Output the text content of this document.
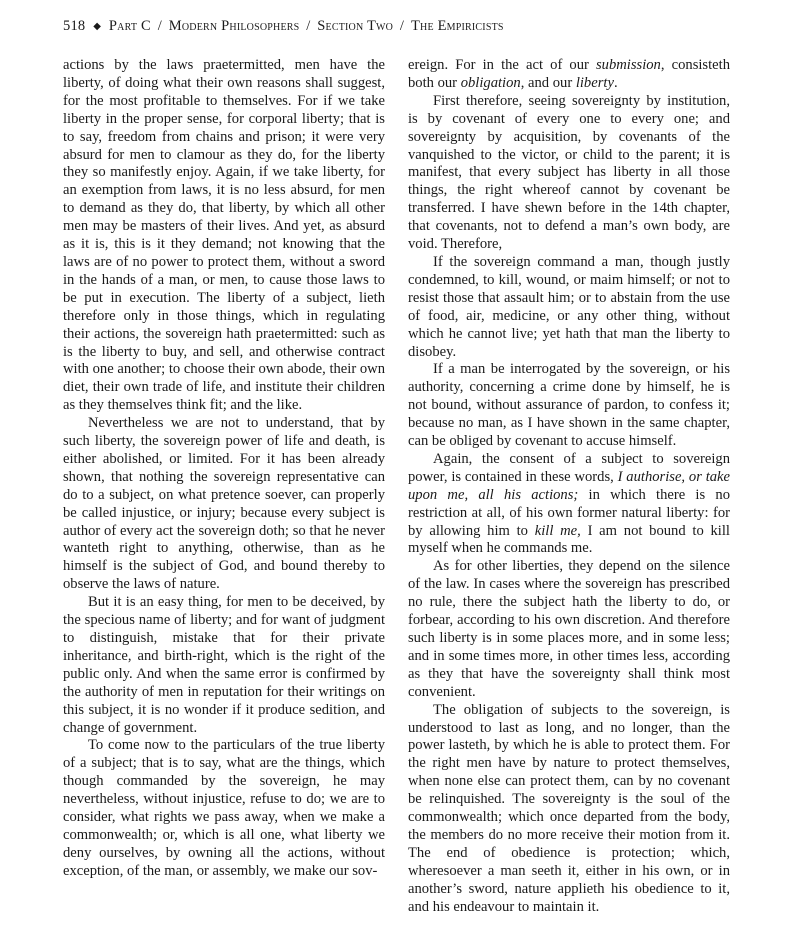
518 ◆ Part C / Modern Philosophers / Section Two / The Empiricists

actions by the laws praetermitted, men have the liberty, of doing what their own reasons shall suggest, for the most profitable to themselves. For if we take liberty in the proper sense, for corporal liberty; that is to say, freedom from chains and prison; it were very absurd for men to clamour as they do, for the liberty they so manifestly enjoy. Again, if we take liberty, for an exemption from laws, it is no less absurd, for men to demand as they do, that liberty, by which all other men may be masters of their lives. And yet, as absurd as it is, this is it they demand; not knowing that the laws are of no power to protect them, without a sword in the hands of a man, or men, to cause those laws to be put in execution. The liberty of a subject, lieth therefore only in those things, which in regulating their actions, the sovereign hath praetermitted: such as is the liberty to buy, and sell, and otherwise contract with one another; to choose their own abode, their own diet, their own trade of life, and institute their children as they themselves think fit; and the like.

Nevertheless we are not to understand, that by such liberty, the sovereign power of life and death, is either abolished, or limited. For it has been already shown, that nothing the sovereign representative can do to a subject, on what pretence soever, can properly be called injustice, or injury; because every subject is author of every act the sovereign doth; so that he never wanteth right to anything, otherwise, than as he himself is the subject of God, and bound thereby to observe the laws of nature.

But it is an easy thing, for men to be deceived, by the specious name of liberty; and for want of judgment to distinguish, mistake that for their private inheritance, and birth-right, which is the right of the public only. And when the same error is confirmed by the authority of men in reputation for their writings on this subject, it is no wonder if it produce sedition, and change of government.

To come now to the particulars of the true liberty of a subject; that is to say, what are the things, which though commanded by the sovereign, he may nevertheless, without injustice, refuse to do; we are to consider, what rights we pass away, when we make a commonwealth; or, which is all one, what liberty we deny ourselves, by owning all the actions, without exception, of the man, or assembly, we make our sov-

ereign. For in the act of our submission, consisteth both our obligation, and our liberty.

First therefore, seeing sovereignty by institution, is by covenant of every one to every one; and sovereignty by acquisition, by covenants of the vanquished to the victor, or child to the parent; it is manifest, that every subject has liberty in all those things, the right whereof cannot by covenant be transferred. I have shewn before in the 14th chapter, that covenants, not to defend a man’s own body, are void. Therefore,

If the sovereign command a man, though justly condemned, to kill, wound, or maim himself; or not to resist those that assault him; or to abstain from the use of food, air, medicine, or any other thing, without which he cannot live; yet hath that man the liberty to disobey.

If a man be interrogated by the sovereign, or his authority, concerning a crime done by himself, he is not bound, without assurance of pardon, to confess it; because no man, as I have shown in the same chapter, can be obliged by covenant to accuse himself.

Again, the consent of a subject to sovereign power, is contained in these words, I authorise, or take upon me, all his actions; in which there is no restriction at all, of his own former natural liberty: for by allowing him to kill me, I am not bound to kill myself when he commands me.

As for other liberties, they depend on the silence of the law. In cases where the sovereign has prescribed no rule, there the subject hath the liberty to do, or forbear, according to his own discretion. And therefore such liberty is in some places more, and in some less; and in some times more, in other times less, according as they that have the sovereignty shall think most convenient.

The obligation of subjects to the sovereign, is understood to last as long, and no longer, than the power lasteth, by which he is able to protect them. For the right men have by nature to protect themselves, when none else can protect them, can by no covenant be relinquished. The sovereignty is the soul of the commonwealth; which once departed from the body, the members do no more receive their motion from it. The end of obedience is protection; which, wheresoever a man seeth it, either in his own, or in another’s sword, nature applieth his obedience to it, and his endeavour to maintain it.
